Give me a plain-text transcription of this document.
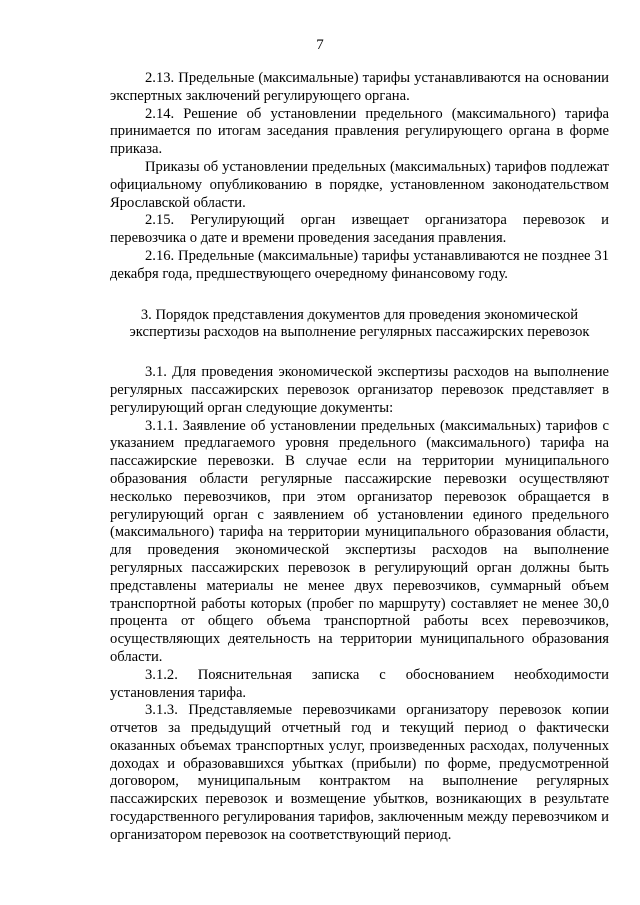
7

2.13. Предельные (максимальные) тарифы устанавливаются на основании экспертных заключений регулирующего органа.

2.14. Решение об установлении предельного (максимального) тарифа принимается по итогам заседания правления регулирующего органа в форме приказа.

Приказы об установлении предельных (максимальных) тарифов подлежат официальному опубликованию в порядке, установленном законодательством Ярославской области.

2.15. Регулирующий орган извещает организатора перевозок и перевозчика о дате и времени проведения заседания правления.

2.16. Предельные (максимальные) тарифы устанавливаются не позднее 31 декабря года, предшествующего очередному финансовому году.

3. Порядок представления документов для проведения экономической экспертизы расходов на выполнение регулярных пассажирских перевозок

3.1. Для проведения экономической экспертизы расходов на выполнение регулярных пассажирских перевозок организатор перевозок представляет в регулирующий орган следующие документы:

3.1.1. Заявление об установлении предельных (максимальных) тарифов с указанием предлагаемого уровня предельного (максимального) тарифа на пассажирские перевозки. В случае если на территории муниципального образования области регулярные пассажирские перевозки осуществляют несколько перевозчиков, при этом организатор перевозок обращается в регулирующий орган с заявлением об установлении единого предельного (максимального) тарифа на территории муниципального образования области, для проведения экономической экспертизы расходов на выполнение регулярных пассажирских перевозок в регулирующий орган должны быть представлены материалы не менее двух перевозчиков, суммарный объем транспортной работы которых (пробег по маршруту) составляет не менее 30,0 процента от общего объема транспортной работы всех перевозчиков, осуществляющих деятельность на территории муниципального образования области.

3.1.2. Пояснительная записка с обоснованием необходимости установления тарифа.

3.1.3. Представляемые перевозчиками организатору перевозок копии отчетов за предыдущий отчетный год и текущий период о фактически оказанных объемах транспортных услуг, произведенных расходах, полученных доходах и образовавшихся убытках (прибыли) по форме, предусмотренной договором, муниципальным контрактом на выполнение регулярных пассажирских перевозок и возмещение убытков, возникающих в результате государственного регулирования тарифов, заключенным между перевозчиком и организатором перевозок на соответствующий период.
